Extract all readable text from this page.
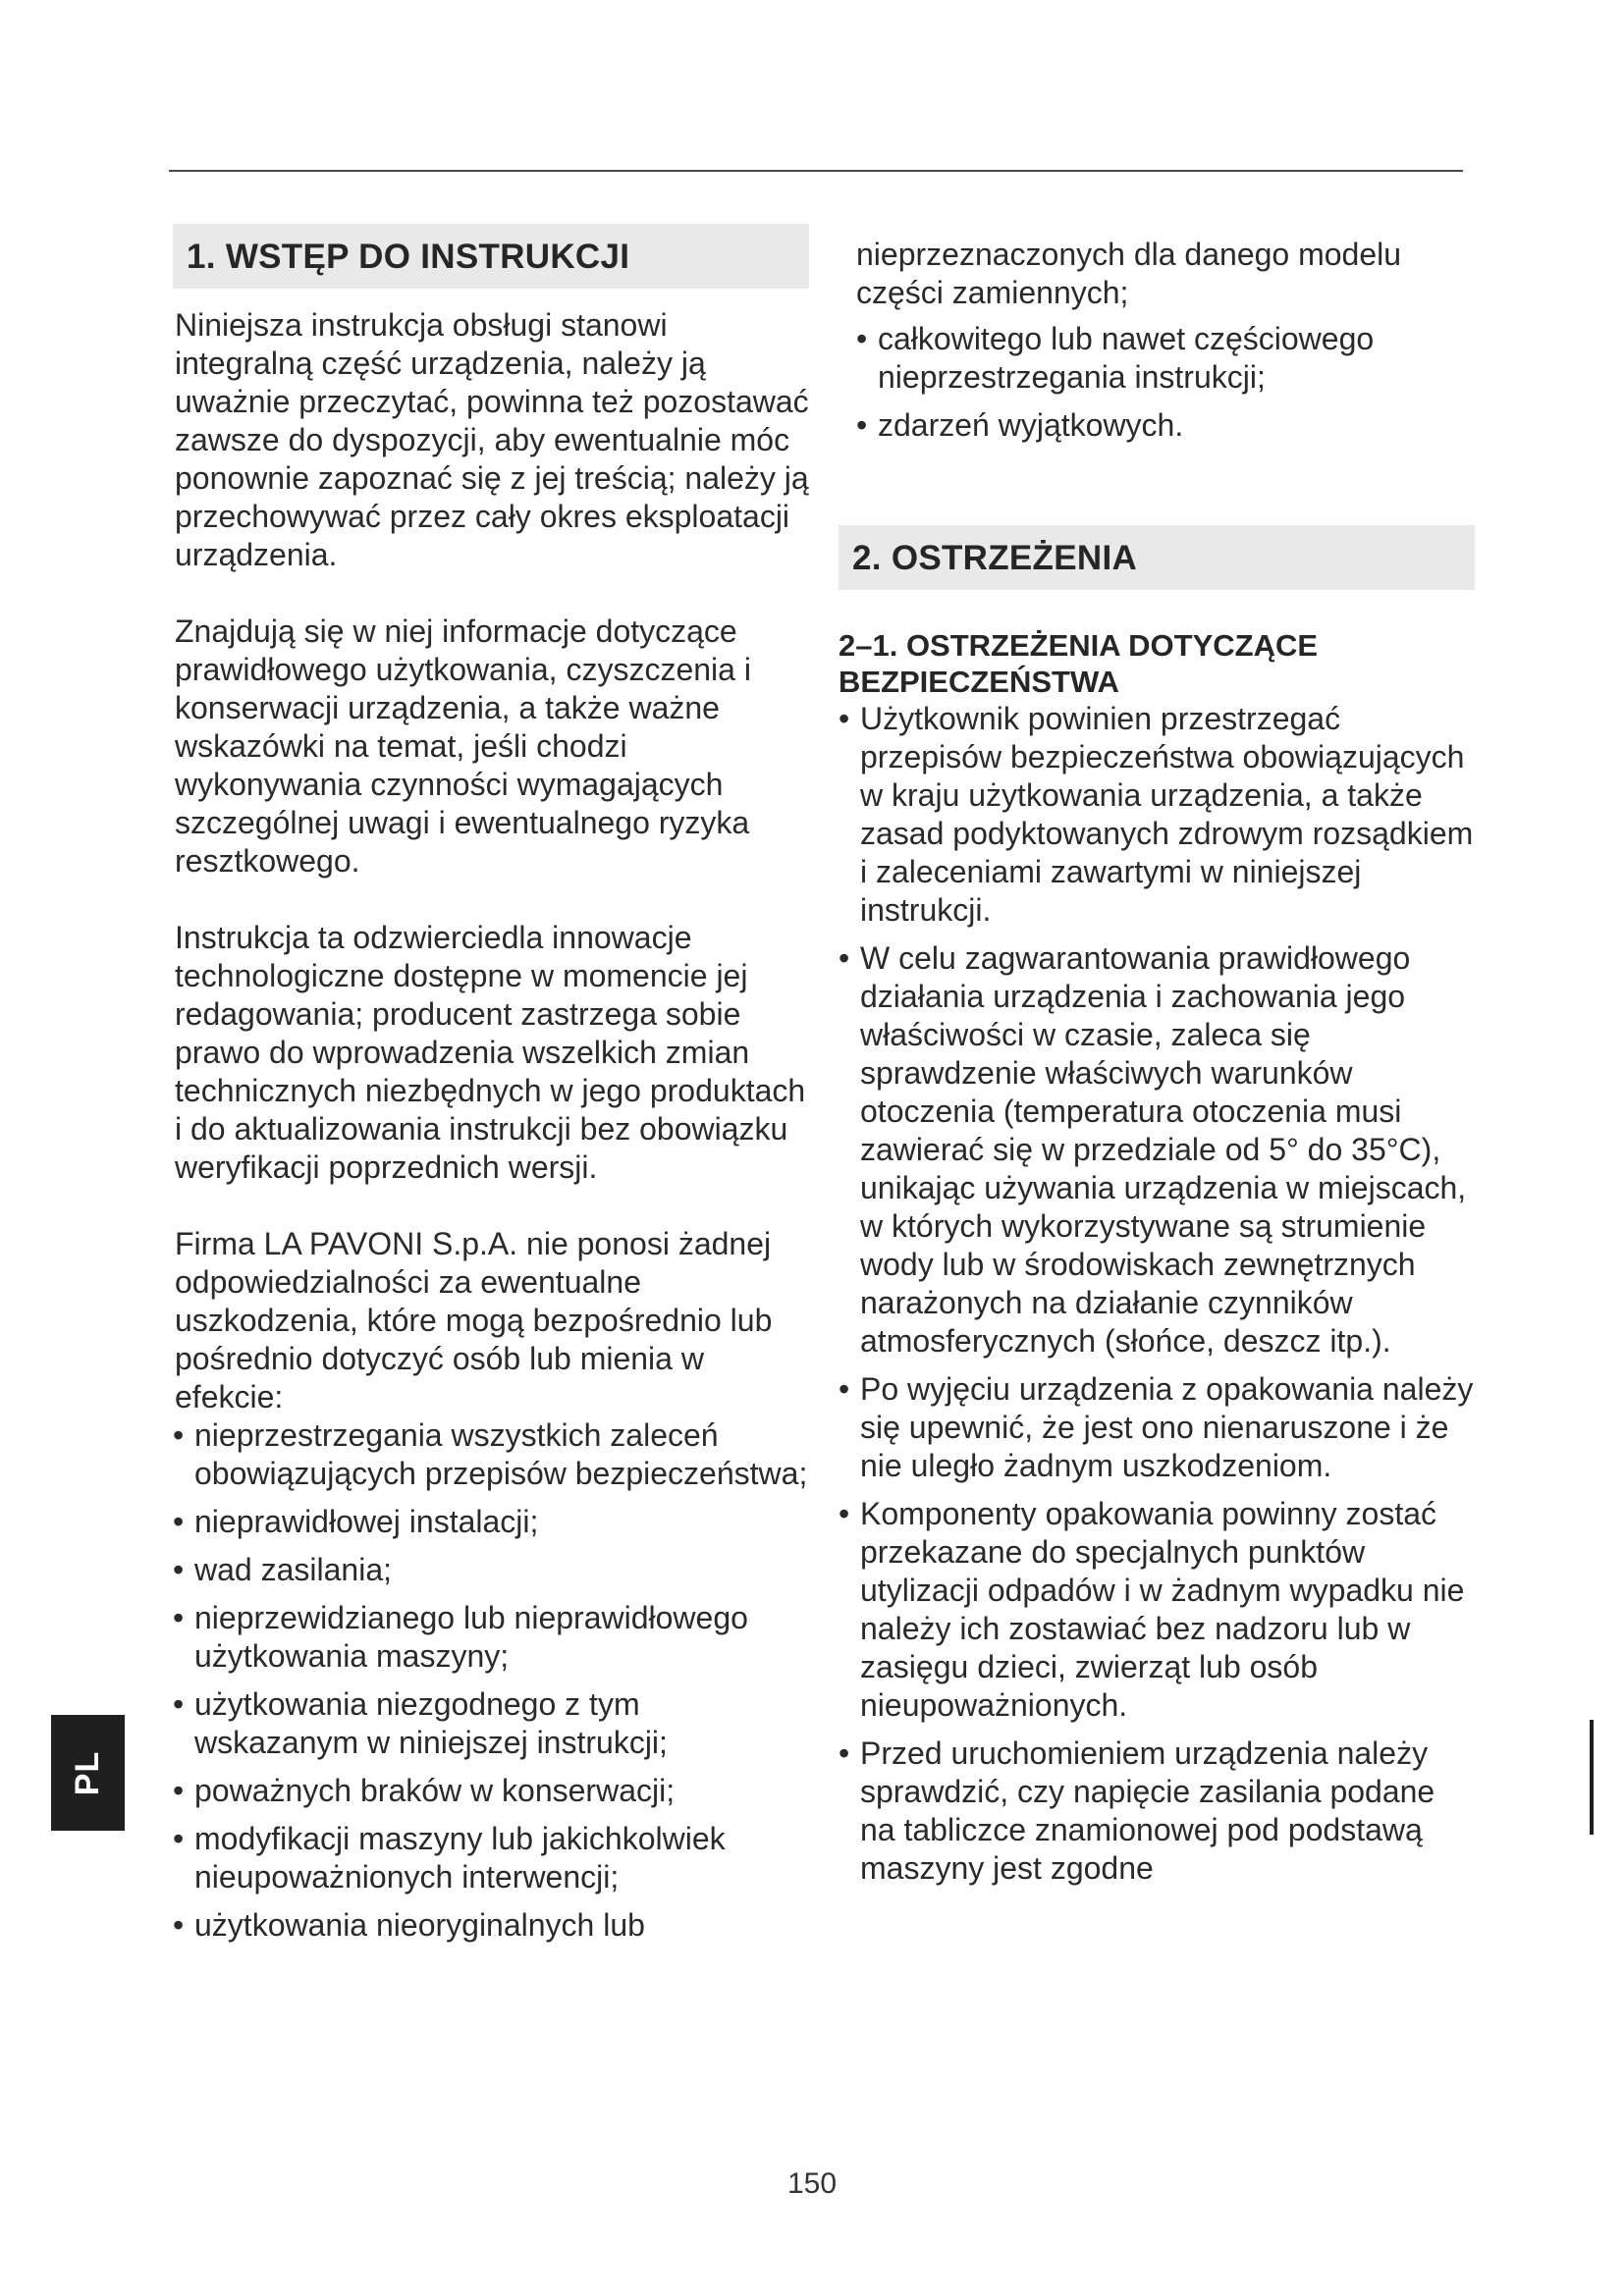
1. WSTĘP DO INSTRUKCJI

Niniejsza instrukcja obsługi stanowi integralną część urządzenia, należy ją uważnie przeczytać, powinna też pozostawać zawsze do dyspozycji, aby ewentualnie móc ponownie zapoznać się z jej treścią; należy ją przechowywać przez cały okres eksploatacji urządzenia.

Znajdują się w niej informacje dotyczące prawidłowego użytkowania, czyszczenia i konserwacji urządzenia, a także ważne wskazówki na temat, jeśli chodzi wykonywania czynności wymagających szczególnej uwagi i ewentualnego ryzyka resztkowego.

Instrukcja ta odzwierciedla innowacje technologiczne dostępne w momencie jej redagowania; producent zastrzega sobie prawo do wprowadzenia wszelkich zmian technicznych niezbędnych w jego produktach i do aktualizowania instrukcji bez obowiązku weryfikacji poprzednich wersji.

Firma LA PAVONI S.p.A. nie ponosi żadnej odpowiedzialności za ewentualne uszkodzenia, które mogą bezpośrednio lub pośrednio dotyczyć osób lub mienia w efekcie:

• nieprzestrzegania wszystkich zaleceń obowiązujących przepisów bezpieczeństwa;
• nieprawidłowej instalacji;
• wad zasilania;
• nieprzewidzianego lub nieprawidłowego użytkowania maszyny;
• użytkowania niezgodnego z tym wskazanym w niniejszej instrukcji;
• poważnych braków w konserwacji;
• modyfikacji maszyny lub jakichkolwiek nieupoważnionych interwencji;
• użytkowania nieoryginalnych lub

nieprzeznaczonych dla danego modelu części zamiennych;

• całkowitego lub nawet częściowego nieprzestrzegania instrukcji;
• zdarzeń wyjątkowych.
2. OSTRZEŻENIA

2–1. OSTRZEŻENIA DOTYCZĄCE BEZPIECZEŃSTWA

• Użytkownik powinien przestrzegać przepisów bezpieczeństwa obowiązujących w kraju użytkowania urządzenia, a także zasad podyktowanych zdrowym rozsądkiem i zaleceniami zawartymi w niniejszej instrukcji.
• W celu zagwarantowania prawidłowego działania urządzenia i zachowania jego właściwości w czasie, zaleca się sprawdzenie właściwych warunków otoczenia (temperatura otoczenia musi zawierać się w przedziale od 5° do 35°C), unikając używania urządzenia w miejscach, w których wykorzystywane są strumienie wody lub w środowiskach zewnętrznych narażonych na działanie czynników atmosferycznych (słońce, deszcz itp.).
• Po wyjęciu urządzenia z opakowania należy się upewnić, że jest ono nienaruszone i że nie uległo żadnym uszkodzeniom.
• Komponenty opakowania powinny zostać przekazane do specjalnych punktów utylizacji odpadów i w żadnym wypadku nie należy ich zostawiać bez nadzoru lub w zasięgu dzieci, zwierząt lub osób nieupoważnionych.
• Przed uruchomieniem urządzenia należy sprawdzić, czy napięcie zasilania podane na tabliczce znamionowej pod podstawą maszyny jest zgodne
PL
150
